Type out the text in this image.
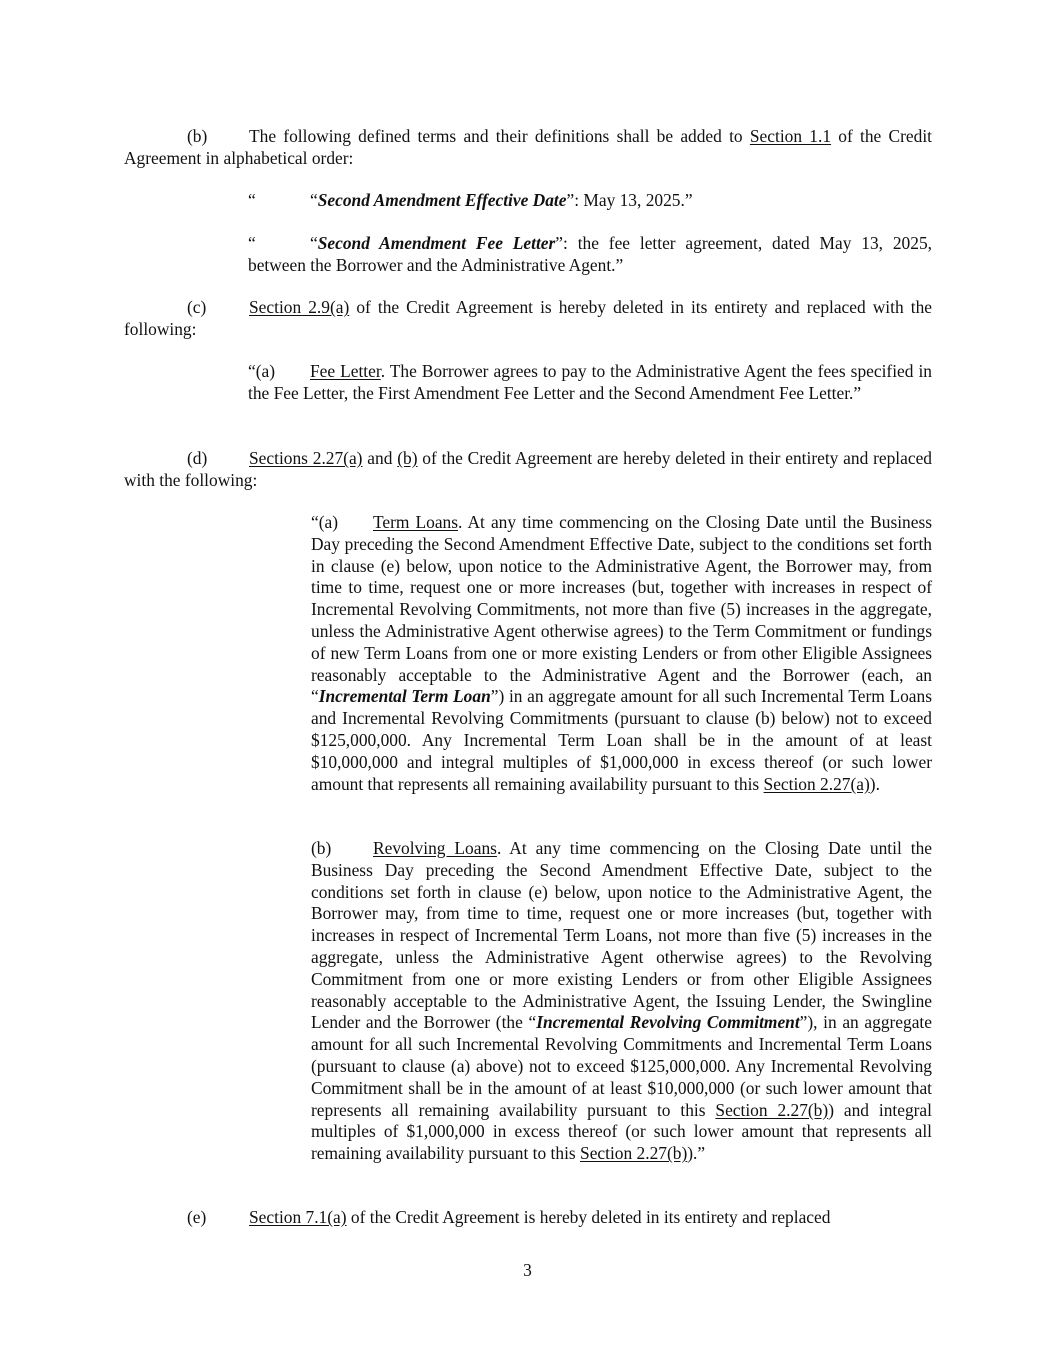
(b) The following defined terms and their definitions shall be added to Section 1.1 of the Credit Agreement in alphabetical order:

“	“Second Amendment Effective Date”: May 13, 2025.”

“	“Second Amendment Fee Letter”: the fee letter agreement, dated May 13, 2025, between the Borrower and the Administrative Agent.”

(c) Section 2.9(a) of the Credit Agreement is hereby deleted in its entirety and replaced with the following:

“(a) Fee Letter. The Borrower agrees to pay to the Administrative Agent the fees specified in the Fee Letter, the First Amendment Fee Letter and the Second Amendment Fee Letter.”

(d) Sections 2.27(a) and (b) of the Credit Agreement are hereby deleted in their entirety and replaced with the following:

“(a) Term Loans. At any time commencing on the Closing Date until the Business Day preceding the Second Amendment Effective Date, subject to the conditions set forth in clause (e) below, upon notice to the Administrative Agent, the Borrower may, from time to time, request one or more increases (but, together with increases in respect of Incremental Revolving Commitments, not more than five (5) increases in the aggregate, unless the Administrative Agent otherwise agrees) to the Term Commitment or fundings of new Term Loans from one or more existing Lenders or from other Eligible Assignees reasonably acceptable to the Administrative Agent and the Borrower (each, an “Incremental Term Loan”) in an aggregate amount for all such Incremental Term Loans and Incremental Revolving Commitments (pursuant to clause (b) below) not to exceed $125,000,000. Any Incremental Term Loan shall be in the amount of at least $10,000,000 and integral multiples of $1,000,000 in excess thereof (or such lower amount that represents all remaining availability pursuant to this Section 2.27(a)).

(b) Revolving Loans. At any time commencing on the Closing Date until the Business Day preceding the Second Amendment Effective Date, subject to the conditions set forth in clause (e) below, upon notice to the Administrative Agent, the Borrower may, from time to time, request one or more increases (but, together with increases in respect of Incremental Term Loans, not more than five (5) increases in the aggregate, unless the Administrative Agent otherwise agrees) to the Revolving Commitment from one or more existing Lenders or from other Eligible Assignees reasonably acceptable to the Administrative Agent, the Issuing Lender, the Swingline Lender and the Borrower (the “Incremental Revolving Commitment”), in an aggregate amount for all such Incremental Revolving Commitments and Incremental Term Loans (pursuant to clause (a) above) not to exceed $125,000,000. Any Incremental Revolving Commitment shall be in the amount of at least $10,000,000 (or such lower amount that represents all remaining availability pursuant to this Section 2.27(b)) and integral multiples of $1,000,000 in excess thereof (or such lower amount that represents all remaining availability pursuant to this Section 2.27(b)).”

(e) Section 7.1(a) of the Credit Agreement is hereby deleted in its entirety and replaced

3
